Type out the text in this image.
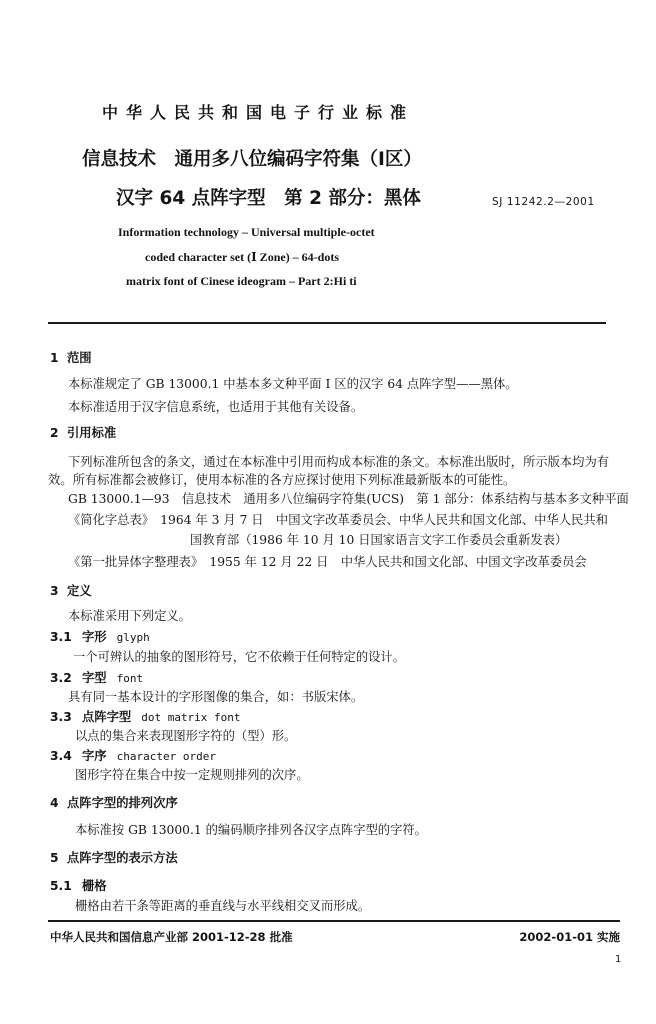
中华人民共和国电子行业标准
信息技术　通用多八位编码字符集（Ⅰ区）
汉字 64 点阵字型　第 2 部分：黑体	SJ 11242.2—2001
Information technology – Universal multiple-octet
coded character set (Ⅰ Zone) – 64-dots
matrix font of Cinese ideogram – Part 2:Hi ti
1 范围
本标准规定了 GB 13000.1 中基本多文种平面 Ⅰ 区的汉字 64 点阵字型——黑体。
本标准适用于汉字信息系统，也适用于其他有关设备。
2 引用标准
下列标准所包含的条文，通过在本标准中引用而构成本标准的条文。本标准出版时，所示版本均为有
效。所有标准都会被修订，使用本标准的各方应探讨使用下列标准最新版本的可能性。
GB 13000.1—93　信息技术　通用多八位编码字符集(UCS)　第 1 部分：体系结构与基本多文种平面
《简化字总表》　1964 年 3 月 7 日　中国文字改革委员会、中华人民共和国文化部、中华人民共和
国教育部（1986 年 10 月 10 日国家语言文字工作委员会重新发表）
《第一批异体字整理表》　1955 年 12 月 22 日　中华人民共和国文化部、中国文字改革委员会
3 定义
本标准采用下列定义。
3.1 字形 glyph
一个可辨认的抽象的图形符号，它不依赖于任何特定的设计。
3.2 字型 font
具有同一基本设计的字形图像的集合，如：书版宋体。
3.3 点阵字型 dot matrix font
以点的集合来表现图形字符的（型）形。
3.4 字序 character order
图形字符在集合中按一定规则排列的次序。
4 点阵字型的排列次序
本标准按 GB 13000.1 的编码顺序排列各汉字点阵字型的字符。
5 点阵字型的表示方法
5.1 栅格
栅格由若干条等距离的垂直线与水平线相交叉而形成。
中华人民共和国信息产业部 2001-12-28 批准	2002-01-01 实施
1
